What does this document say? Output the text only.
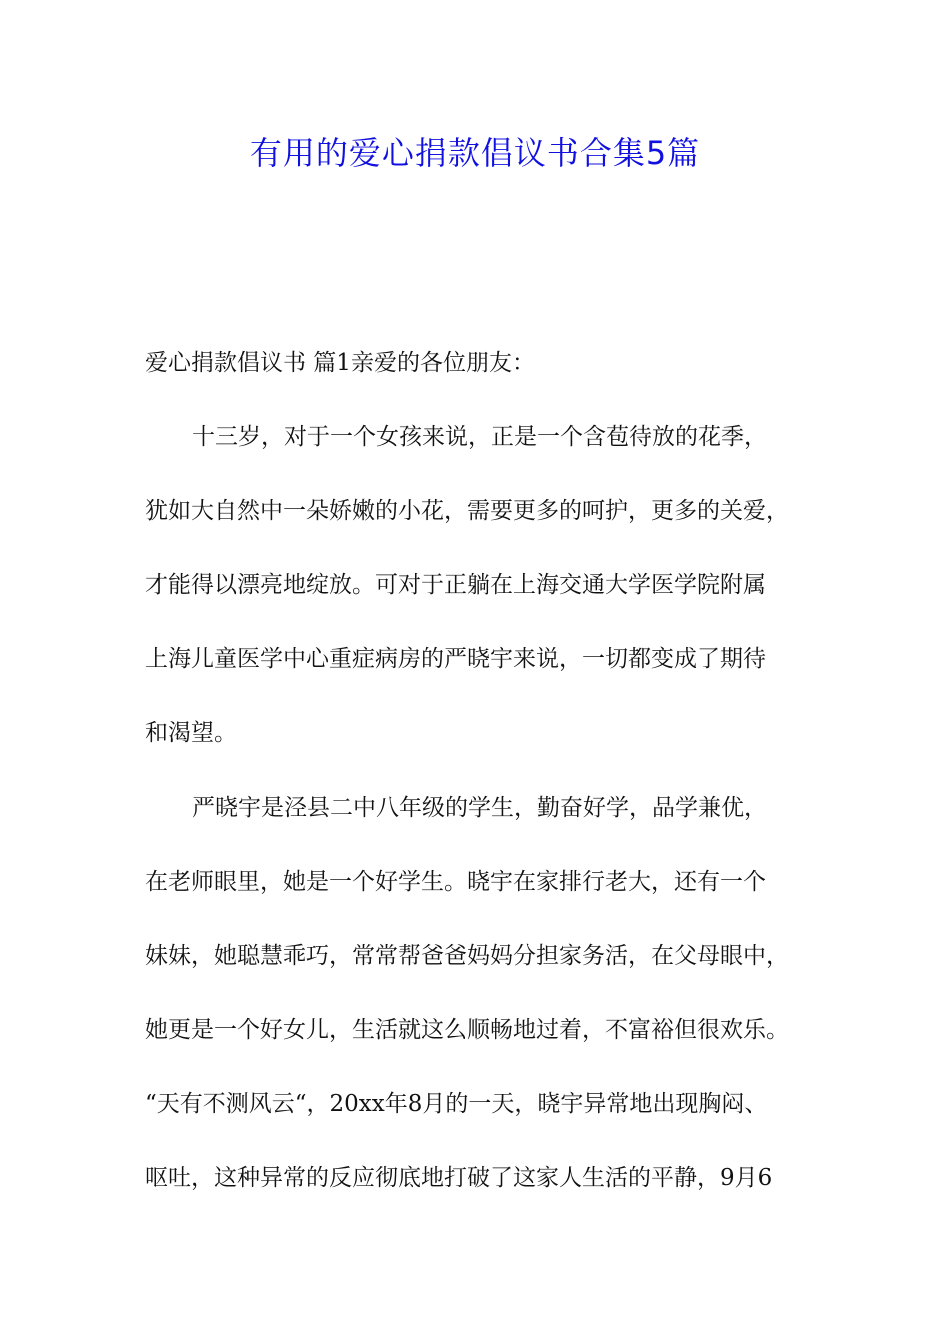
有用的爱心捐款倡议书合集5篇

爱心捐款倡议书 篇1亲爱的各位朋友：

十三岁，对于一个女孩来说，正是一个含苞待放的花季，

犹如大自然中一朵娇嫩的小花，需要更多的呵护，更多的关爱，

才能得以漂亮地绽放。可对于正躺在上海交通大学医学院附属

上海儿童医学中心重症病房的严晓宇来说，一切都变成了期待

和渴望。

严晓宇是泾县二中八年级的学生，勤奋好学，品学兼优，

在老师眼里，她是一个好学生。晓宇在家排行老大，还有一个

妹妹，她聪慧乖巧，常常帮爸爸妈妈分担家务活，在父母眼中，

她更是一个好女儿，生活就这么顺畅地过着，不富裕但很欢乐。

“天有不测风云“，20xx年8月的一天，晓宇异常地出现胸闷、

呕吐，这种异常的反应彻底地打破了这家人生活的平静，9月6
